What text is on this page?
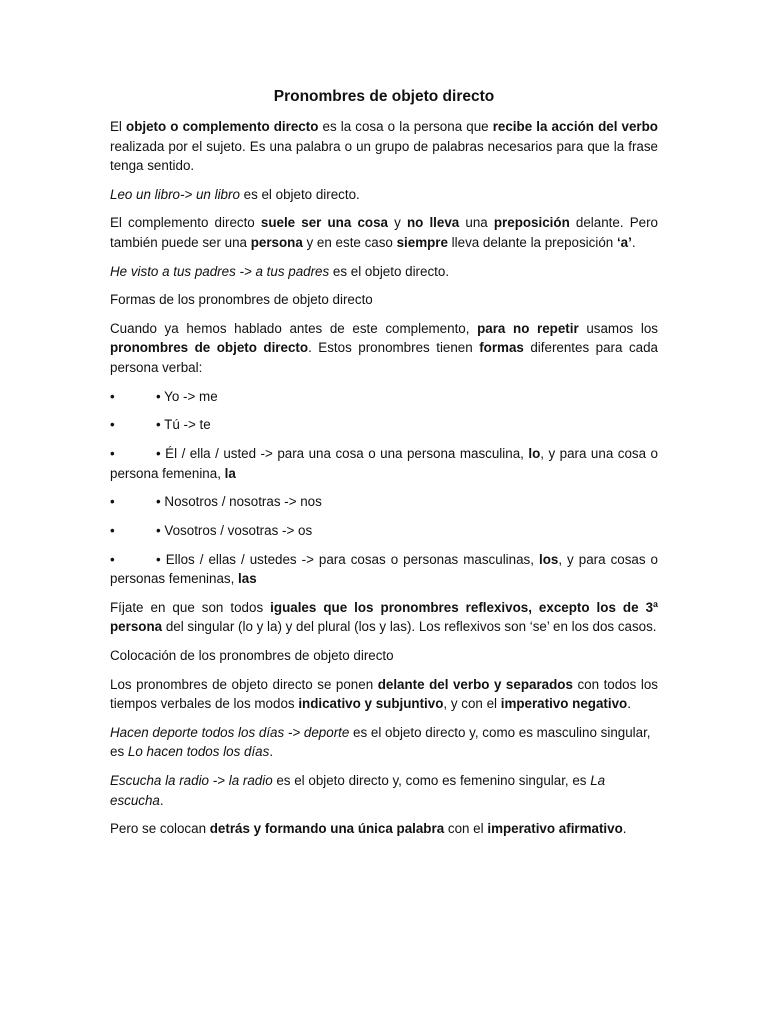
Pronombres de objeto directo

El objeto o complemento directo es la cosa o la persona que recibe la acción del verbo realizada por el sujeto. Es una palabra o un grupo de palabras necesarios para que la frase tenga sentido.

Leo un libro-> un libro es el objeto directo.

El complemento directo suele ser una cosa y no lleva una preposición delante. Pero también puede ser una persona y en este caso siempre lleva delante la preposición ‘a’.

He visto a tus padres -> a tus padres es el objeto directo.

Formas de los pronombres de objeto directo

Cuando ya hemos hablado antes de este complemento, para no repetir usamos los pronombres de objeto directo. Estos pronombres tienen formas diferentes para cada persona verbal:

•	• Yo -> me

•	• Tú -> te

•	• Él / ella / usted -> para una cosa o una persona masculina, lo, y para una cosa o persona femenina, la

•	• Nosotros / nosotras -> nos

•	• Vosotros / vosotras -> os

•	• Ellos / ellas / ustedes -> para cosas o personas masculinas, los, y para cosas o personas femeninas, las

Fíjate en que son todos iguales que los pronombres reflexivos, excepto los de 3ª persona del singular (lo y la) y del plural (los y las). Los reflexivos son ‘se’ en los dos casos.

Colocación de los pronombres de objeto directo

Los pronombres de objeto directo se ponen delante del verbo y separados con todos los tiempos verbales de los modos indicativo y subjuntivo, y con el imperativo negativo.

Hacen deporte todos los días -> deporte es el objeto directo y, como es masculino singular, es Lo hacen todos los días.

Escucha la radio -> la radio es el objeto directo y, como es femenino singular, es La escucha.

Pero se colocan detrás y formando una única palabra con el imperativo afirmativo.
